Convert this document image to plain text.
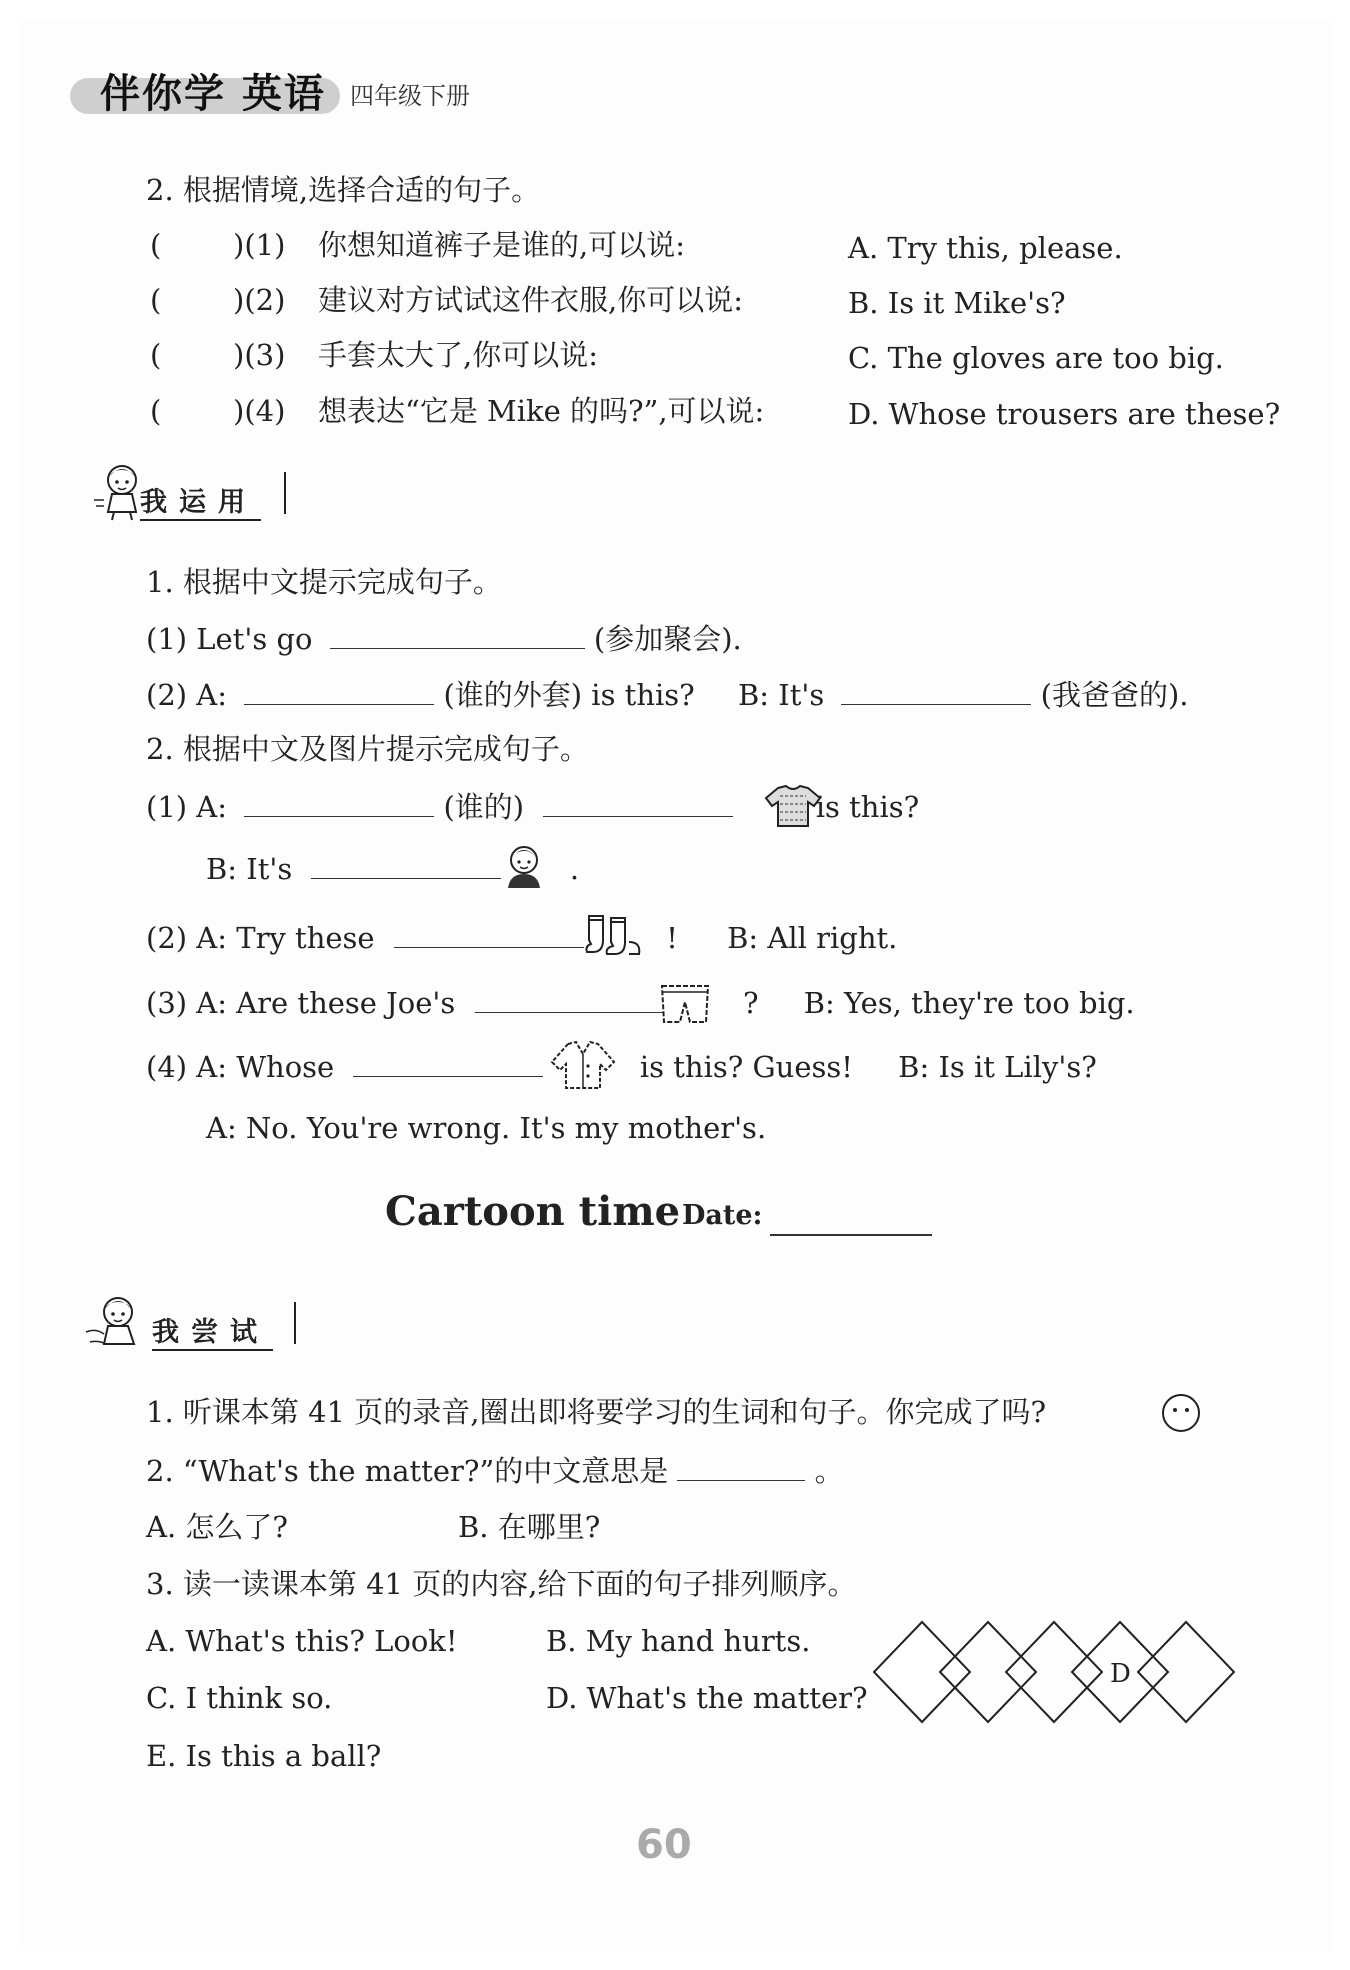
伴你学 英语 四年级下册
2. 根据情境,选择合适的句子。
( )(1) 你想知道裤子是谁的,可以说:	A. Try this, please.
( )(2) 建议对方试试这件衣服,你可以说:	B. Is it Mike's?
( )(3) 手套太大了,你可以说:	C. The gloves are too big.
( )(4) 想表达“它是 Mike 的吗?”,可以说:	D. Whose trousers are these?
我运用
1. 根据中文提示完成句子。
(1) Let's go	(参加聚会).
(2) A:	(谁的外套) is this? B: It's	(我爸爸的).
2. 根据中文及图片提示完成句子。
(1) A:	(谁的)	is this?
B: It's	.
(2) A: Try these	! B: All right.
(3) A: Are these Joe's	? B: Yes, they're too big.
(4) A: Whose	is this? Guess! B: Is it Lily's?
A: No. You're wrong. It's my mother's.
Cartoon time Date:
我尝试
1. 听课本第 41 页的录音,圈出即将要学习的生词和句子。你完成了吗?
2. “What's the matter?”的中文意思是	。
A. 怎么了?	B. 在哪里?
3. 读一读课本第 41 页的内容,给下面的句子排列顺序。
A. What's this? Look!	B. My hand hurts.
C. I think so.	D. What's the matter?
E. Is this a ball?
D
60
